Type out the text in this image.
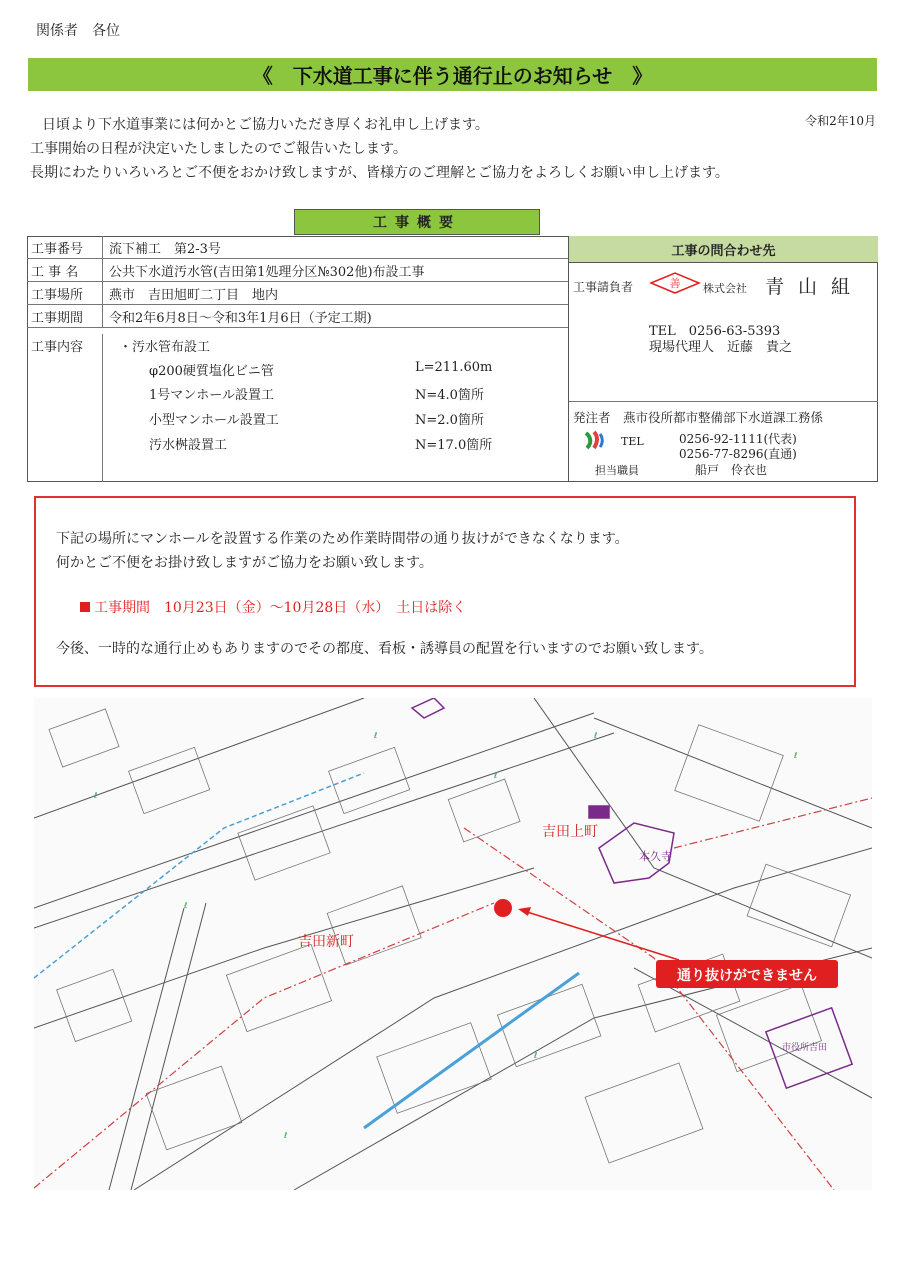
関係者　各位
《　下水道工事に伴う通行止のお知らせ　》
令和2年10月
日頃より下水道事業には何かとご協力いただき厚くお礼申し上げます。
工事開始の日程が決定いたしましたのでご報告いたします。
長期にわたりいろいろとご不便をおかけ致しますが、皆様方のご理解とご協力をよろしくお願い申し上げます。
工事概要
工事番号	流下補工　第2-3号
工 事 名	公共下水道汚水管(吉田第1処理分区№302他)布設工事
工事場所	燕市　吉田旭町二丁目　地内
工事期間	令和2年6月8日～令和3年1月6日（予定工期)
工事内容	・汚水管布設工
φ200硬質塩化ビニ管	L=211.60m
1号マンホール設置工	N=4.0箇所
小型マンホール設置工	N=2.0箇所
汚水桝設置工	N=17.0箇所
工事の問合わせ先
工事請負者	善 株式会社 青山組
TEL　0256-63-5393
現場代理人　近藤　貴之
発注者　燕市役所都市整備部下水道課工務係
TEL	0256-92-1111(代表)
0256-77-8296(直通)
担当職員	船戸　伶衣也
下記の場所にマンホールを設置する作業のため作業時間帯の通り抜けができなくなります。
何かとご不便をお掛け致しますがご協力をお願い致します。
工事期間　10月23日（金）～10月28日（水）　土日は除く
今後、一時的な通行止めもありますのでその都度、看板・誘導員の配置を行いますのでお願い致します。
本久寺
市役所吉田
吉田上町
吉田新町
通り抜けができません
ℓ
ℓ
ℓ
ℓ
ℓ
ℓ
ℓ
ℓ
